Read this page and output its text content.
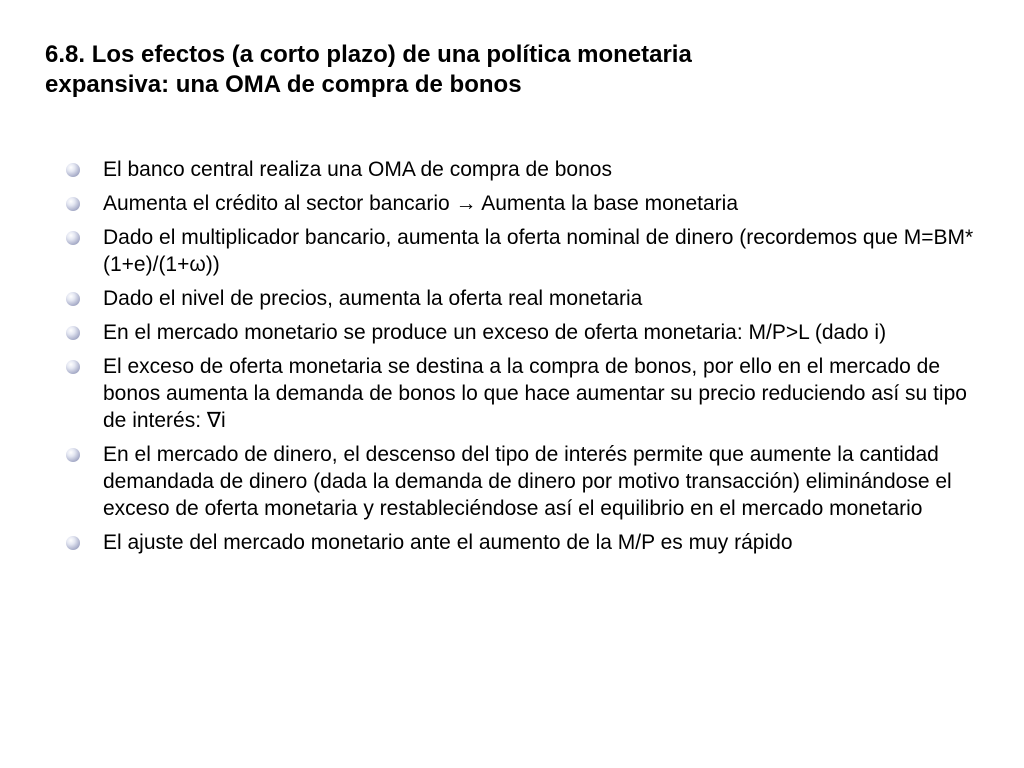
6.8. Los efectos (a corto plazo) de una política monetaria
expansiva: una OMA de compra de bonos
El banco central realiza una OMA de compra de bonos
Aumenta el crédito al sector bancario → Aumenta la base monetaria
Dado el multiplicador bancario, aumenta la oferta nominal de dinero (recordemos que M=BM*(1+e)/(1+ω))
Dado el nivel de precios, aumenta la oferta real monetaria
En el mercado monetario se produce un exceso de oferta monetaria: M/P>L (dado i)
El exceso de oferta monetaria se destina a la compra de bonos, por ello en el mercado de bonos aumenta la demanda de bonos lo que hace aumentar su precio reduciendo así su tipo de interés: ∇i
En el mercado de dinero, el descenso del tipo de interés permite que aumente la cantidad demandada de dinero (dada la demanda de dinero por motivo transacción) eliminándose el exceso de oferta monetaria y restableciéndose así el equilibrio en el mercado monetario
El ajuste del mercado monetario ante el aumento de la M/P es muy rápido
